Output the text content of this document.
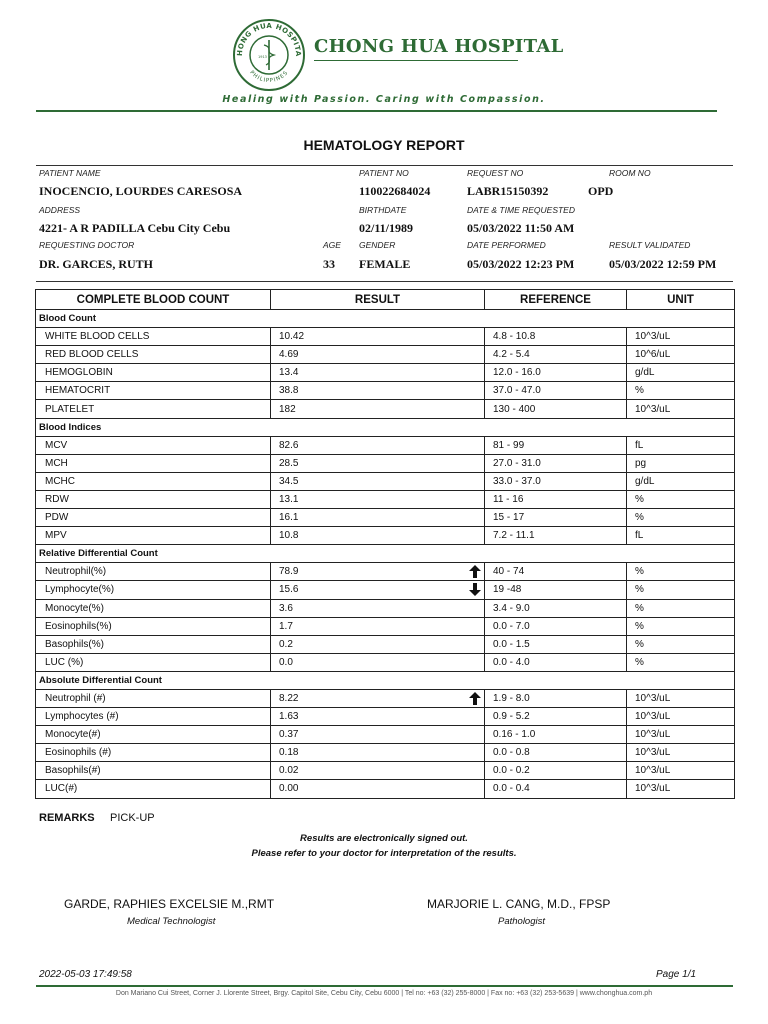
HONG HUA HOSPITA
PHILIPPINES
1913	CHONG HUA HOSPITAL
Healing with Passion. Caring with Compassion.
HEMATOLOGY REPORT
PATIENT NAME	PATIENT NO	REQUEST NO	ROOM NO
INOCENCIO, LOURDES CARESOSA	110022684024	LABR15150392	OPD
ADDRESS	BIRTHDATE	DATE & TIME REQUESTED
4221- A R PADILLA Cebu City Cebu	02/11/1989	05/03/2022 11:50 AM
REQUESTING DOCTOR	AGE GENDER	DATE PERFORMED	RESULT VALIDATED
DR. GARCES, RUTH	33 FEMALE	05/03/2022 12:23 PM	05/03/2022 12:59 PM
COMPLETE BLOOD COUNT	RESULT	REFERENCE	UNIT
Blood Count			
WHITE BLOOD CELLS	10.42	4.8 - 10.8	10^3/uL
RED BLOOD CELLS	4.69	4.2 - 5.4	10^6/uL
HEMOGLOBIN	13.4	12.0 - 16.0	g/dL
HEMATOCRIT	38.8	37.0 - 47.0	%
PLATELET	182	130 - 400	10^3/uL
Blood Indices			
MCV	82.6	81 - 99	fL
MCH	28.5	27.0 - 31.0	pg
MCHC	34.5	33.0 - 37.0	g/dL
RDW	13.1	11 - 16	%
PDW	16.1	15 - 17	%
MPV	10.8	7.2 - 11.1	fL
Relative Differential Count			
Neutrophil(%)	78.9	40 - 74	%
Lymphocyte(%)	15.6	19 -48	%
Monocyte(%)	3.6	3.4 - 9.0	%
Eosinophils(%)	1.7	0.0 - 7.0	%
Basophils(%)	0.2	0.0 - 1.5	%
LUC (%)	0.0	0.0 - 4.0	%
Absolute Differential Count			
Neutrophil (#)	8.22	1.9 - 8.0	10^3/uL
Lymphocytes (#)	1.63	0.9 - 5.2	10^3/uL
Monocyte(#)	0.37	0.16 - 1.0	10^3/uL
Eosinophils (#)	0.18	0.0 - 0.8	10^3/uL
Basophils(#)	0.02	0.0 - 0.2	10^3/uL
LUC(#)	0.00	0.0 - 0.4	10^3/uL
REMARKS PICK-UP
Results are electronically signed out.
Please refer to your doctor for interpretation of the results.
GARDE, RAPHIES EXCELSIE M.,RMT
Medical Technologist
MARJORIE L. CANG, M.D., FPSP
Pathologist
2022-05-03 17:49:58	Page 1/1
Don Mariano Cui Street, Corner J. Llorente Street, Brgy. Capitol Site, Cebu City, Cebu 6000 | Tel no: +63 (32) 255-8000 | Fax no: +63 (32) 253-5639 | www.chonghua.com.ph
